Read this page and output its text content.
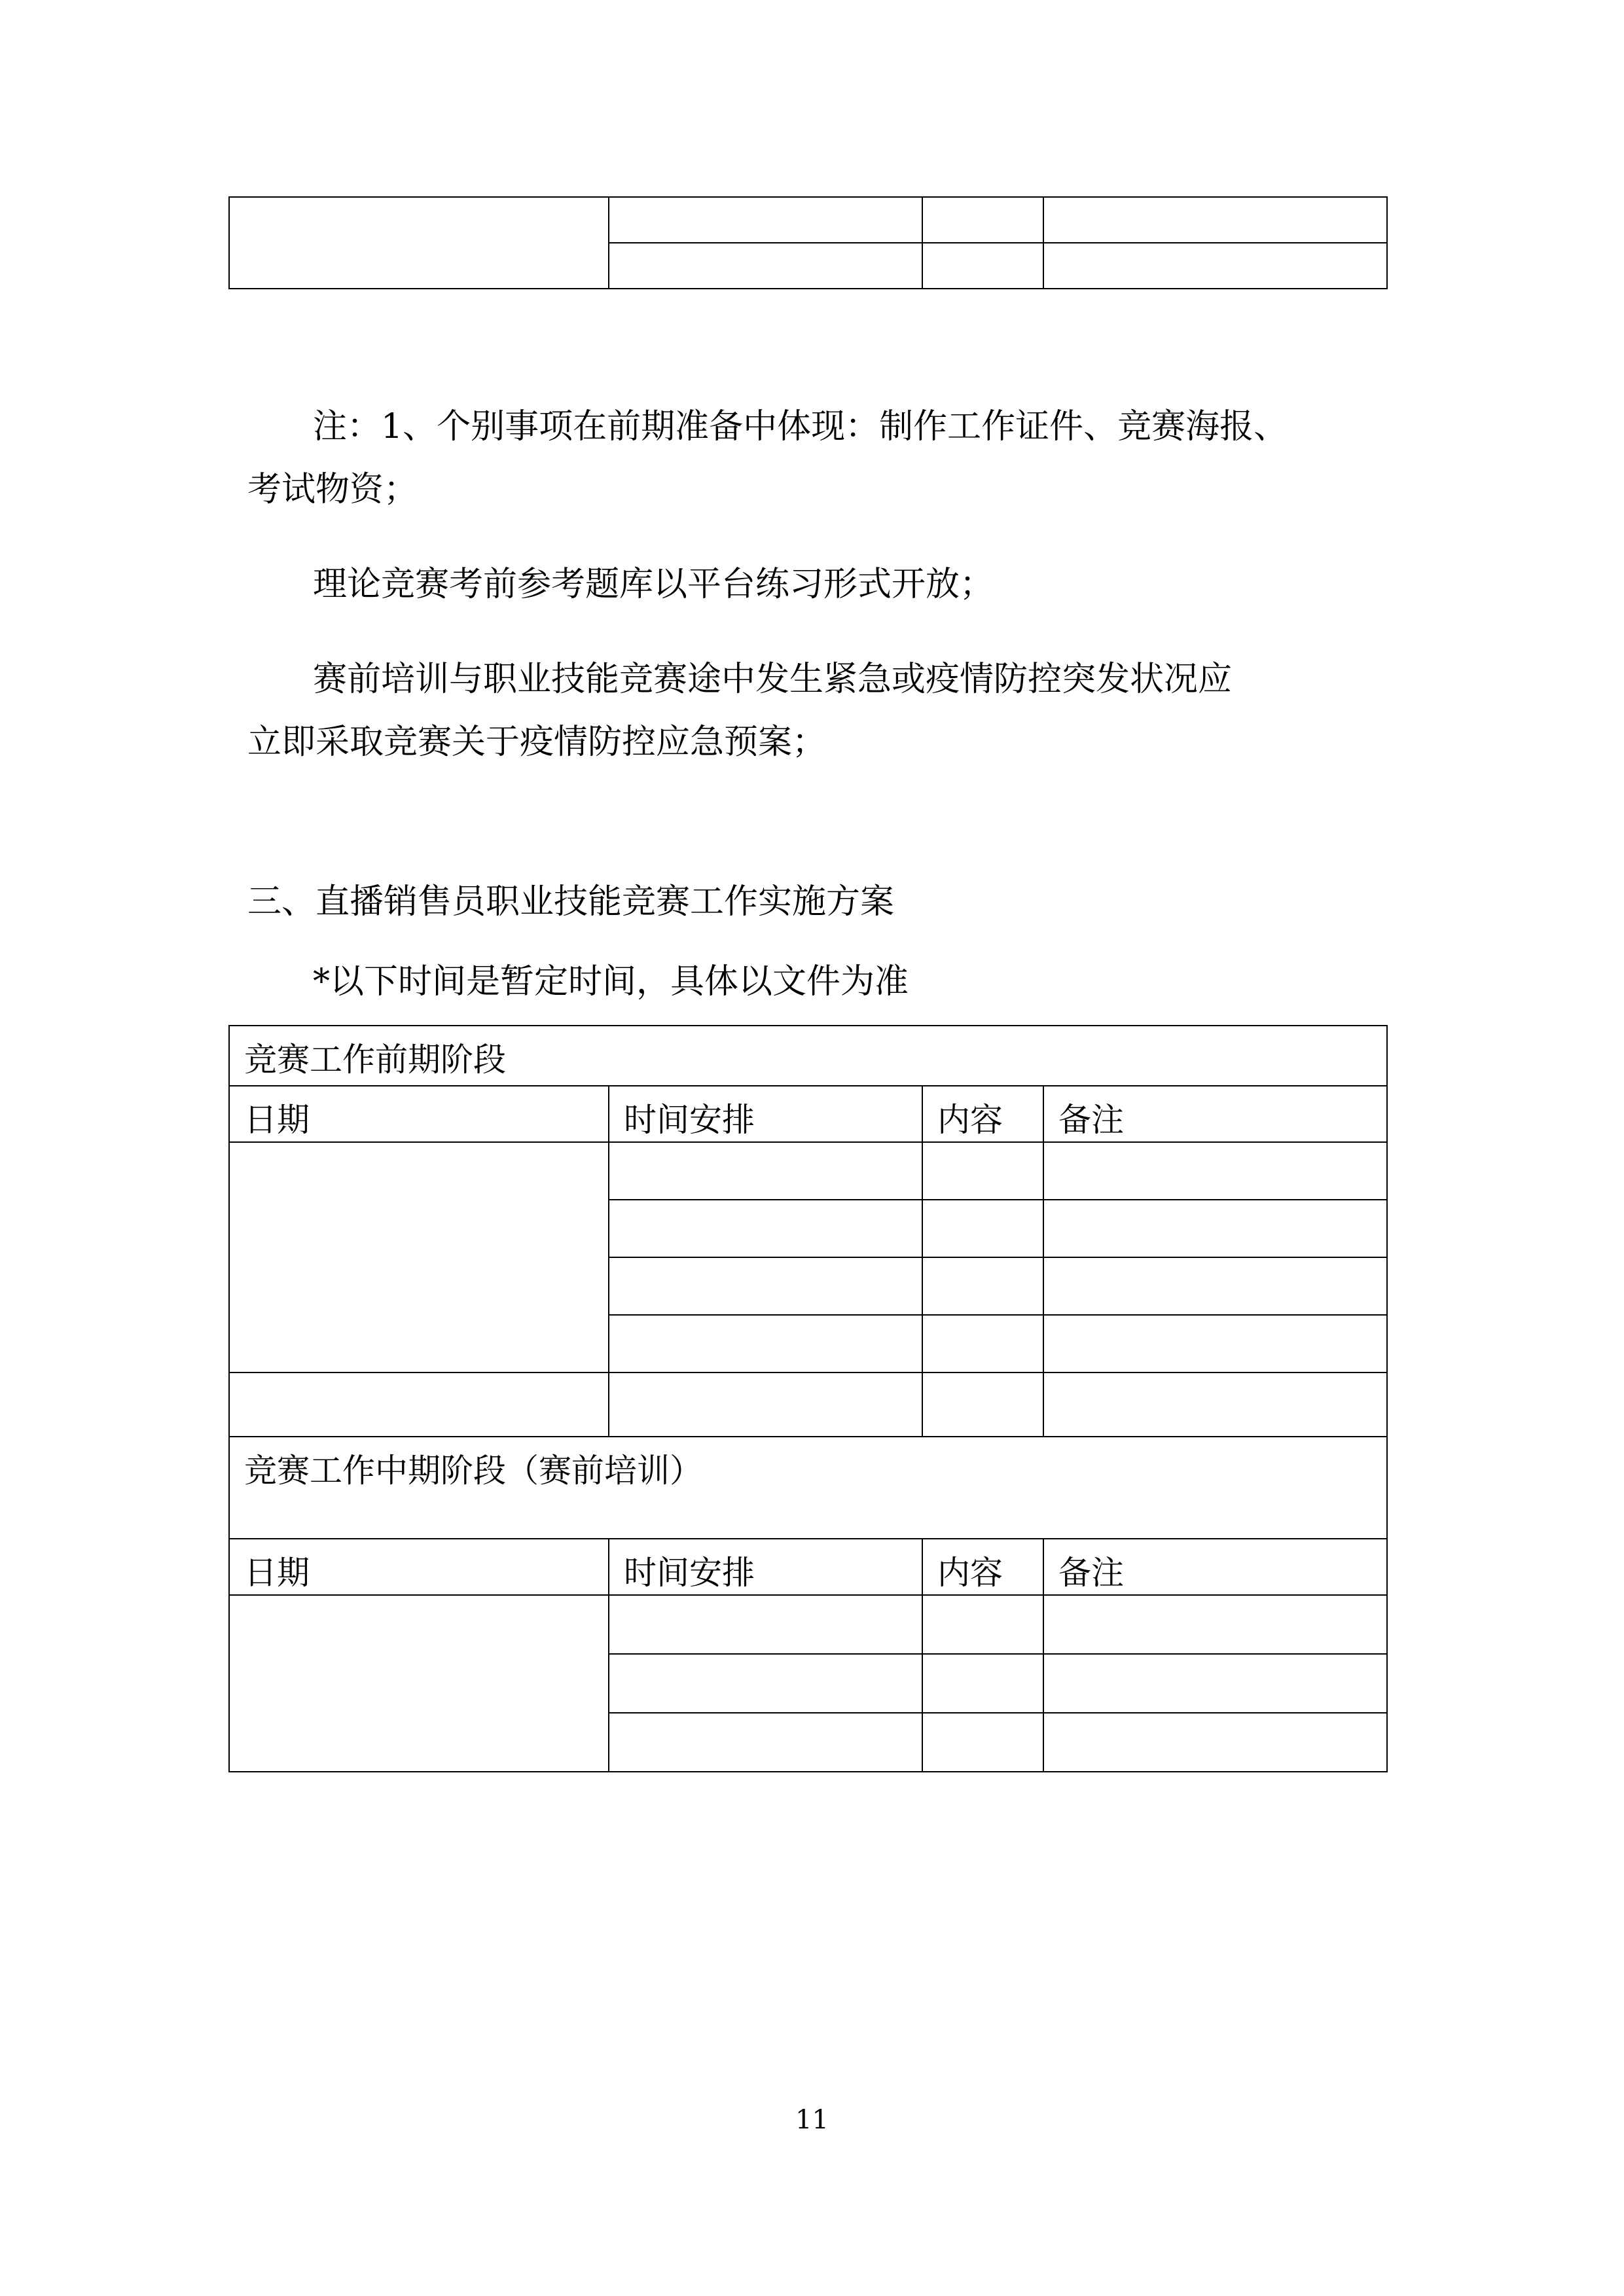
注：1、个别事项在前期准备中体现：制作工作证件、竞赛海报、
考试物资；
理论竞赛考前参考题库以平台练习形式开放；
赛前培训与职业技能竞赛途中发生紧急或疫情防控突发状况应
立即采取竞赛关于疫情防控应急预案；
三、直播销售员职业技能竞赛工作实施方案
*以下时间是暂定时间，具体以文件为准
竞赛工作前期阶段			
日期	时间安排	内容	备注

竞赛工作中期阶段（赛前培训）			
日期	时间安排	内容	备注

11
